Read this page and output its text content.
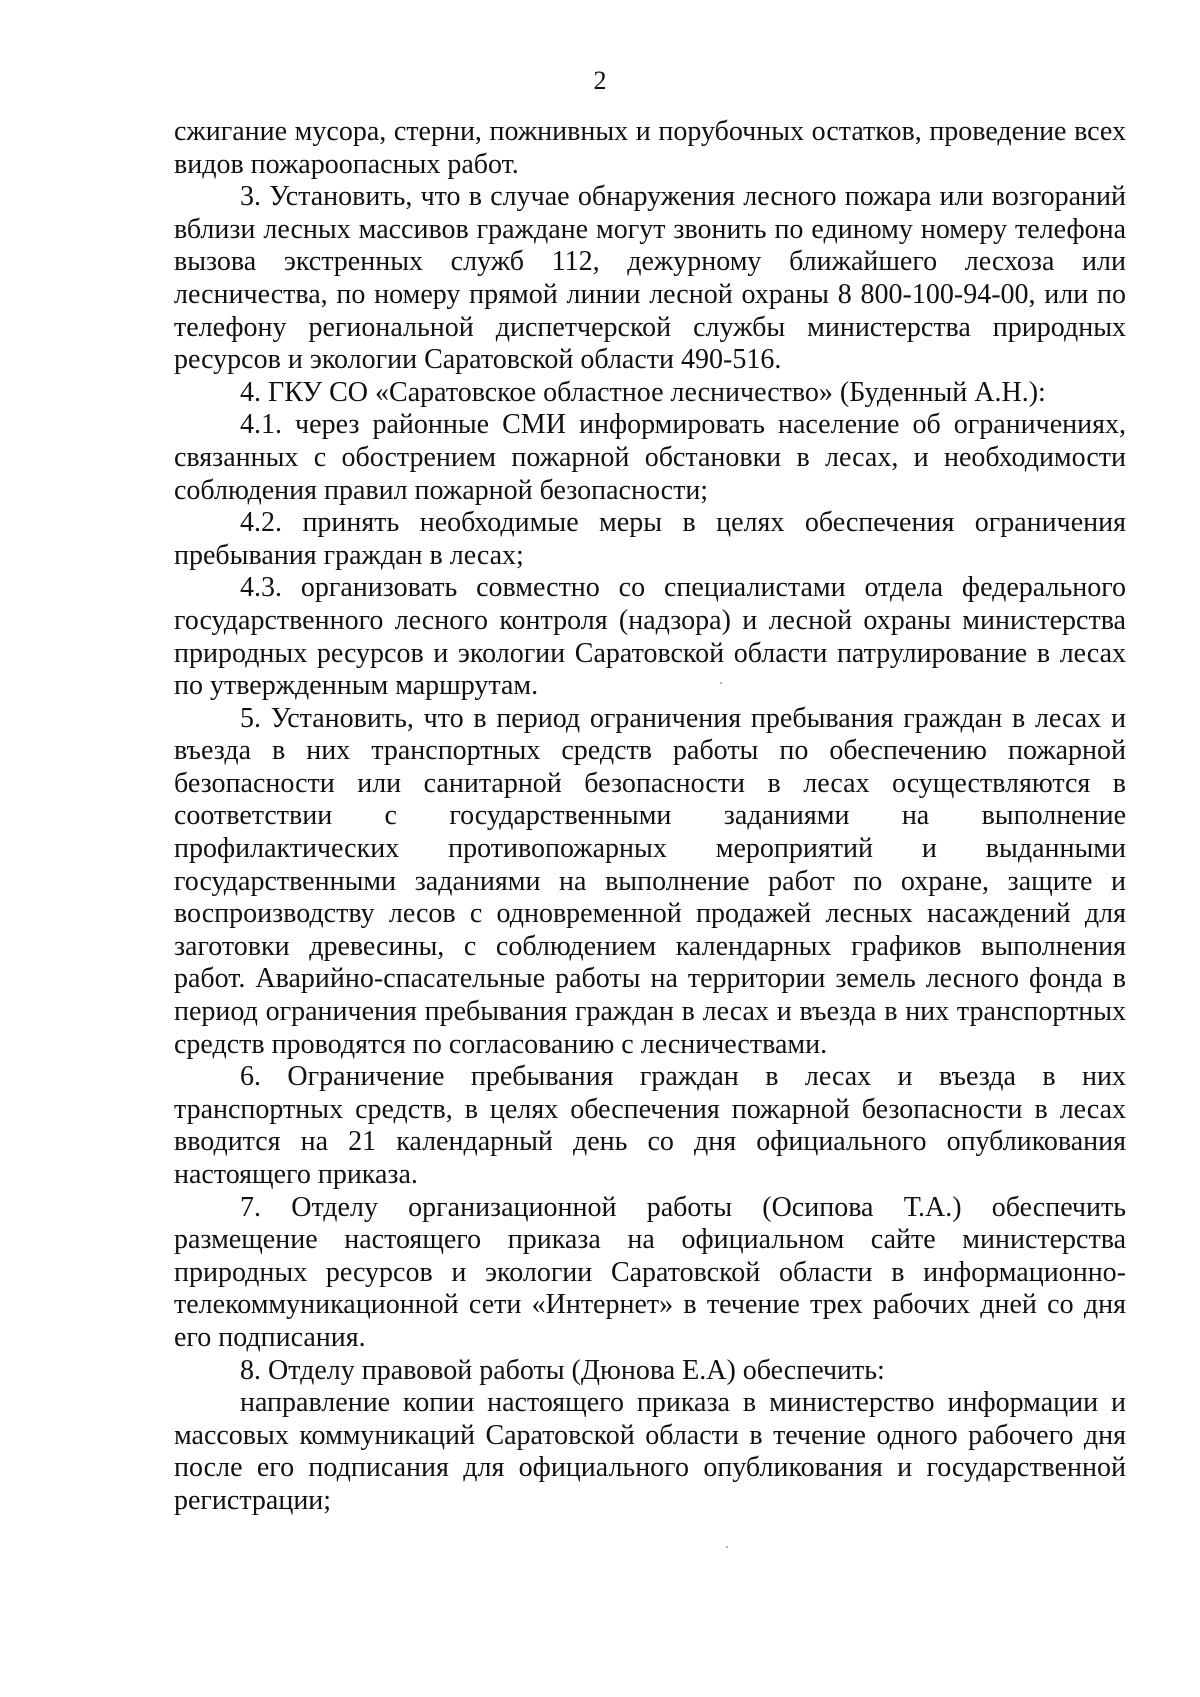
2

сжигание мусора, стерни, пожнивных и порубочных остатков, проведение всех видов пожароопасных работ.

3. Установить, что в случае обнаружения лесного пожара или возгораний вблизи лесных массивов граждане могут звонить по единому номеру телефона вызова экстренных служб 112, дежурному ближайшего лесхоза или лесничества, по номеру прямой линии лесной охраны 8 800-100-94-00, или по телефону региональной диспетчерской службы министерства природных ресурсов и экологии Саратовской области 490-516.

4. ГКУ СО «Саратовское областное лесничество» (Буденный А.Н.):

4.1. через районные СМИ информировать население об ограничениях, связанных с обострением пожарной обстановки в лесах, и необходимости соблюдения правил пожарной безопасности;

4.2. принять необходимые меры в целях обеспечения ограничения пребывания граждан в лесах;

4.3. организовать совместно со специалистами отдела федерального государственного лесного контроля (надзора) и лесной охраны министерства природных ресурсов и экологии Саратовской области патрулирование в лесах по утвержденным маршрутам.

5. Установить, что в период ограничения пребывания граждан в лесах и въезда в них транспортных средств работы по обеспечению пожарной безопасности или санитарной безопасности в лесах осуществляются в соответствии с государственными заданиями на выполнение профилактических противопожарных мероприятий и выданными государственными заданиями на выполнение работ по охране, защите и воспроизводству лесов с одновременной продажей лесных насаждений для заготовки древесины, с соблюдением календарных графиков выполнения работ. Аварийно-спасательные работы на территории земель лесного фонда в период ограничения пребывания граждан в лесах и въезда в них транспортных средств проводятся по согласованию с лесничествами.

6. Ограничение пребывания граждан в лесах и въезда в них транспортных средств, в целях обеспечения пожарной безопасности в лесах вводится на 21 календарный день со дня официального опубликования настоящего приказа.

7. Отделу организационной работы (Осипова Т.А.) обеспечить размещение настоящего приказа на официальном сайте министерства природных ресурсов и экологии Саратовской области в информационно-телекоммуникационной сети «Интернет» в течение трех рабочих дней со дня его подписания.

8. Отделу правовой работы (Дюнова Е.А) обеспечить:

направление копии настоящего приказа в министерство информации и массовых коммуникаций Саратовской области в течение одного рабочего дня после его подписания для официального опубликования и государственной регистрации;
